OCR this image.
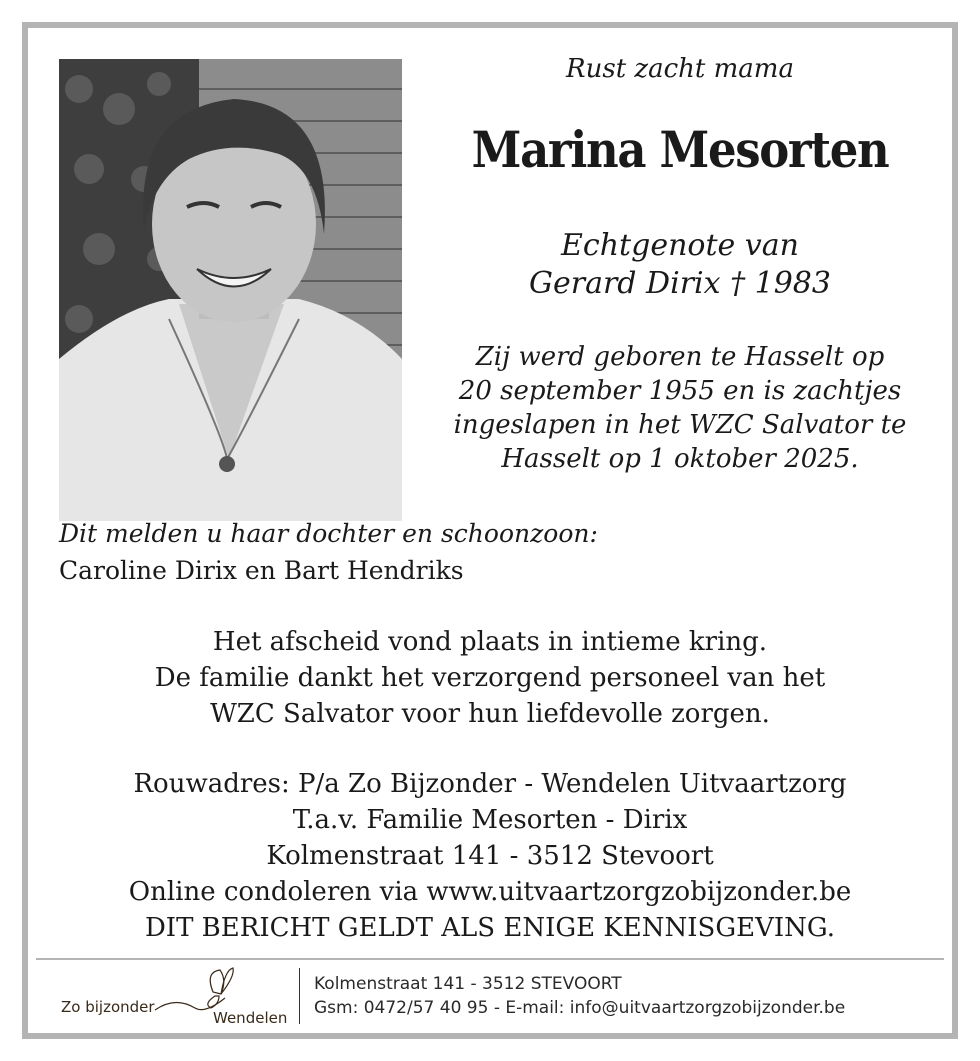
Rust zacht mama
Marina Mesorten
Echtgenote van
Gerard Dirix † 1983
Zij werd geboren te Hasselt op
20 september 1955 en is zachtjes
ingeslapen in het WZC Salvator te
Hasselt op 1 oktober 2025.
Dit melden u haar dochter en schoonzoon:
Caroline Dirix en Bart Hendriks
Het afscheid vond plaats in intieme kring.
De familie dankt het verzorgend personeel van het
WZC Salvator voor hun liefdevolle zorgen.
Rouwadres: P/a Zo Bijzonder - Wendelen Uitvaartzorg
T.a.v. Familie Mesorten - Dirix
Kolmenstraat 141 - 3512 Stevoort
Online condoleren via www.uitvaartzorgzobijzonder.be
DIT BERICHT GELDT ALS ENIGE KENNISGEVING.
Zo bijzonder
Wendelen
Kolmenstraat 141 - 3512 STEVOORT
Gsm: 0472/57 40 95 - E-mail: info@uitvaartzorgzobijzonder.be
